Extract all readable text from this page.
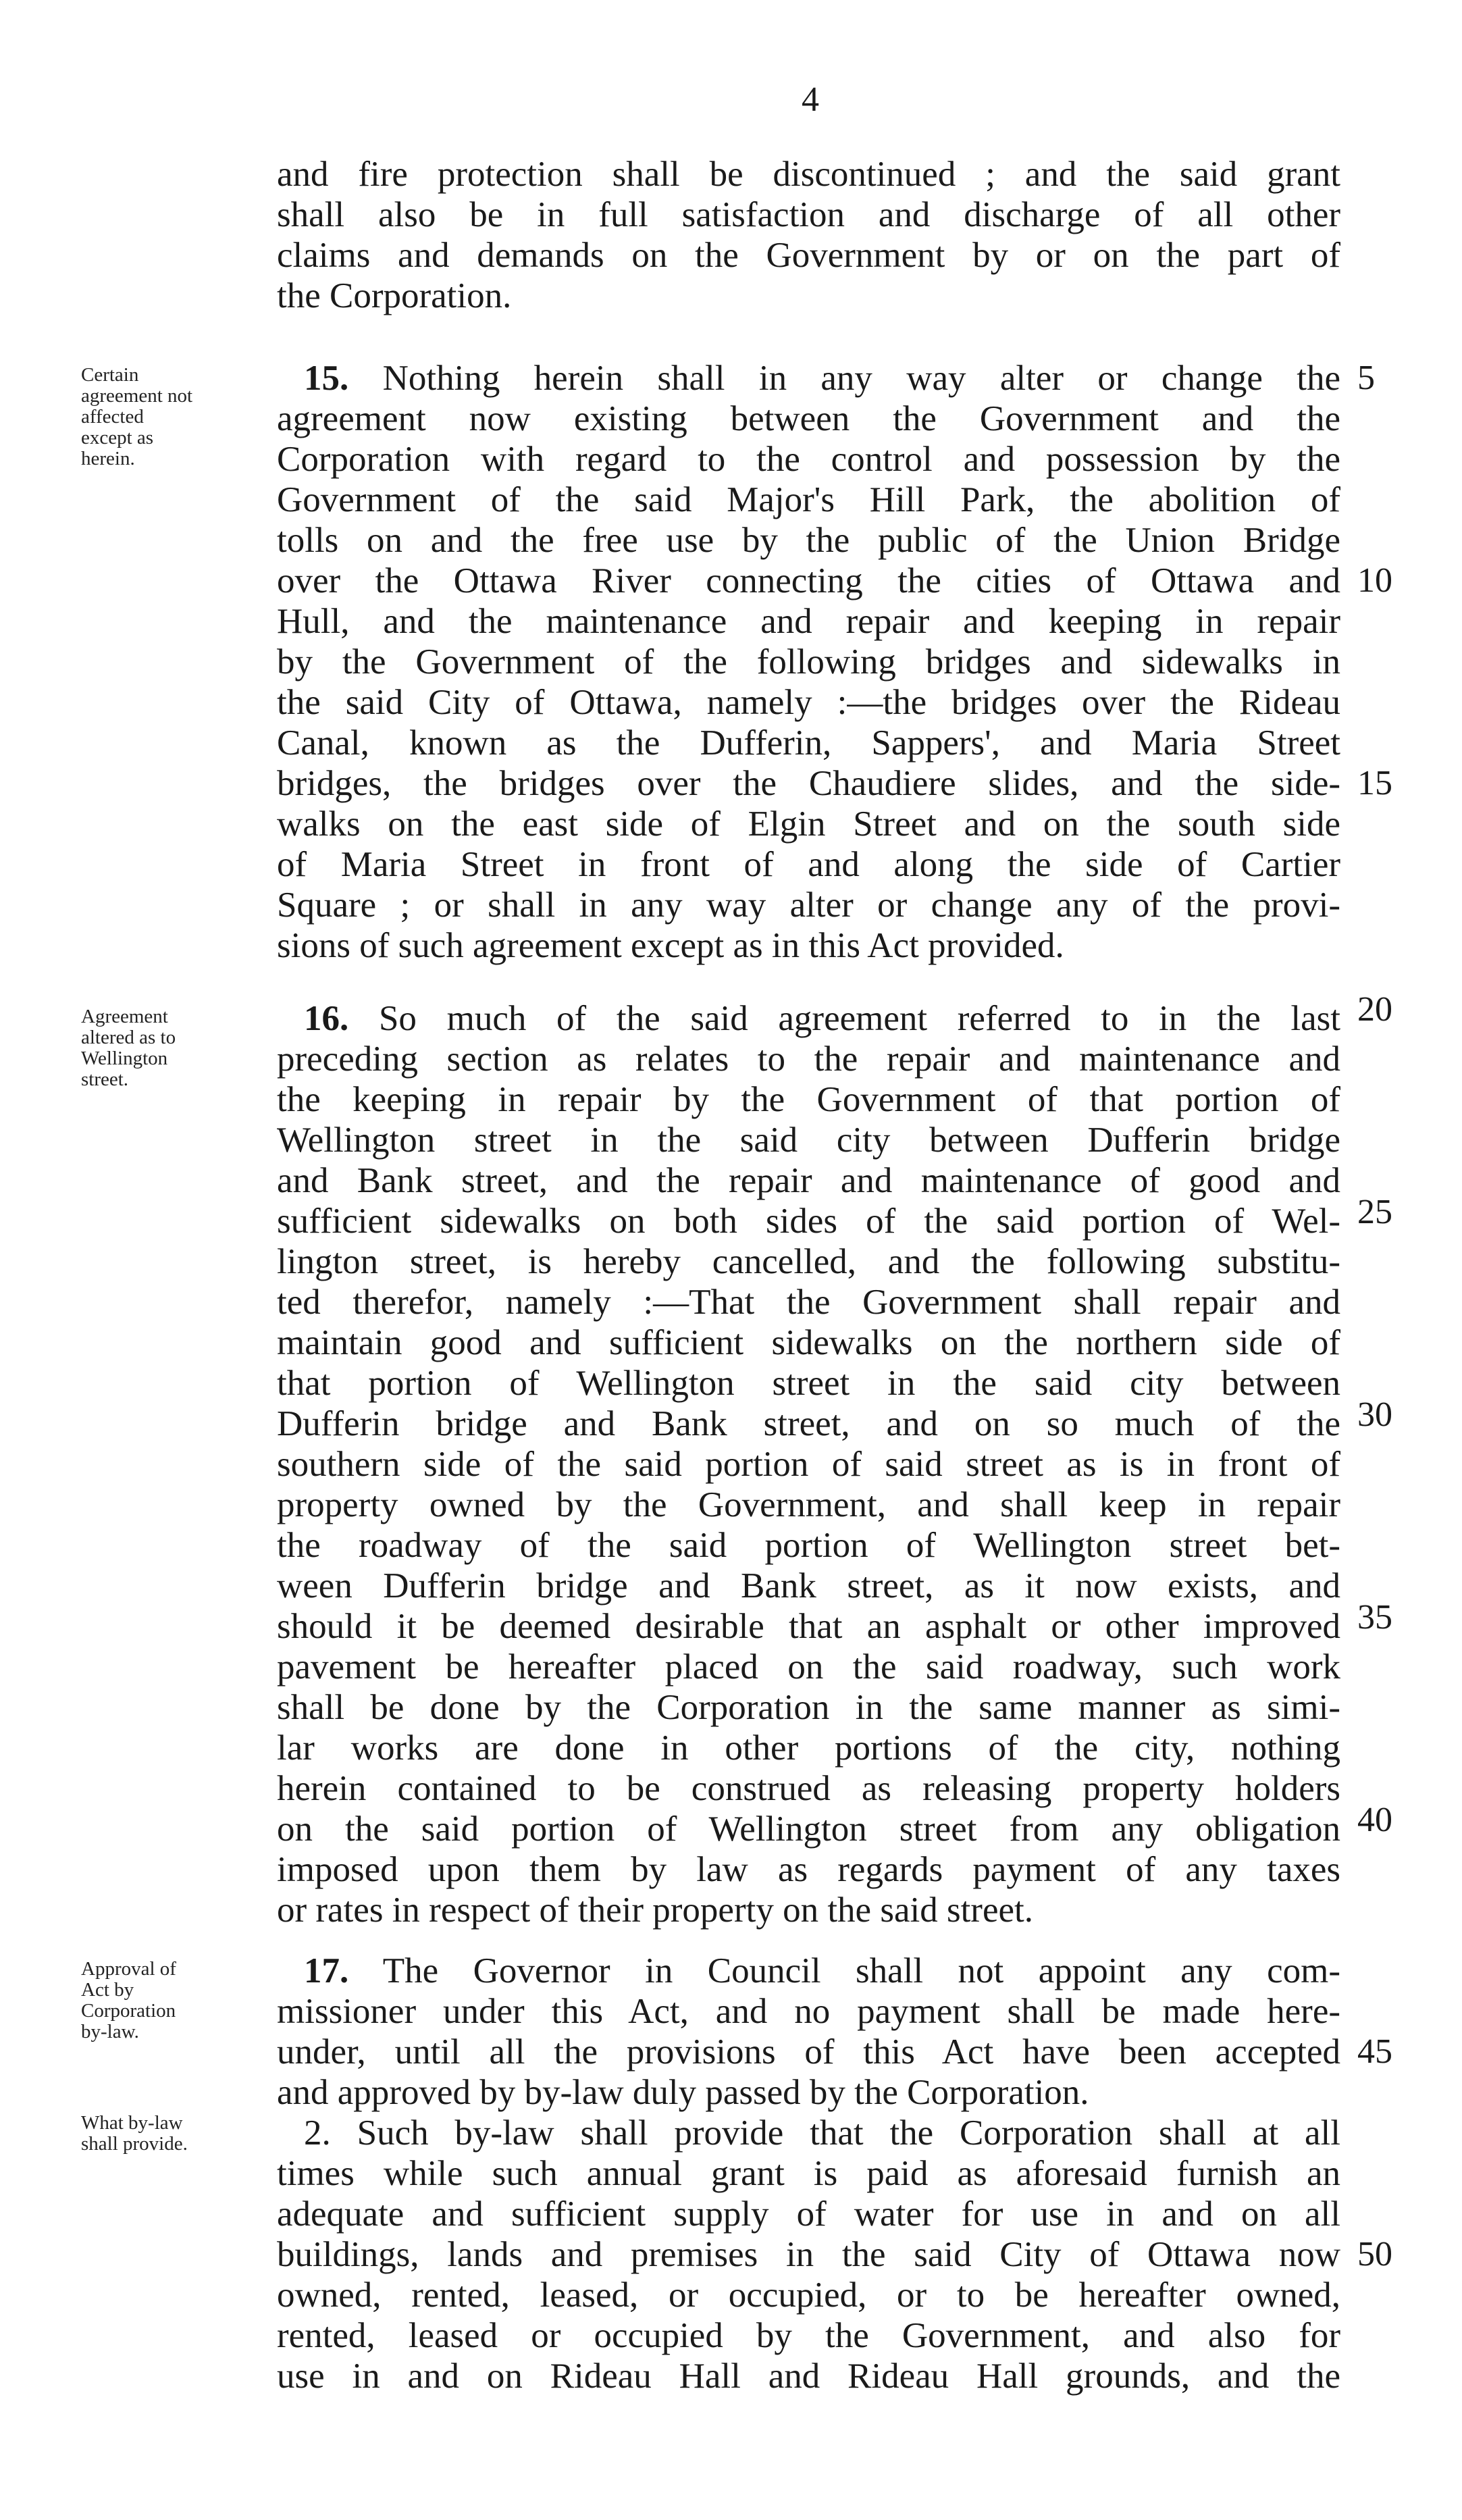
4
and fire protection shall be discontinued ; and the said grant
shall also be in full satisfaction and discharge of all other
claims and demands on the Government by or on the part of
the Corporation.
Certain
agreement not
affected
except as
herein.
15. Nothing herein shall in any way alter or change the
agreement now existing between the Government and the
Corporation with regard to the control and possession by the
Government of the said Major's Hill Park, the abolition of
tolls on and the free use by the public of the Union Bridge
over the Ottawa River connecting the cities of Ottawa and
Hull, and the maintenance and repair and keeping in repair
by the Government of the following bridges and sidewalks in
the said City of Ottawa, namely :—the bridges over the Rideau
Canal, known as the Dufferin, Sappers', and Maria Street
bridges, the bridges over the Chaudiere slides, and the side-
walks on the east side of Elgin Street and on the south side
of Maria Street in front of and along the side of Cartier
Square ; or shall in any way alter or change any of the provi-
sions of such agreement except as in this Act provided.
Agreement
altered as to
Wellington
street.
16. So much of the said agreement referred to in the last
preceding section as relates to the repair and maintenance and
the keeping in repair by the Government of that portion of
Wellington street in the said city between Dufferin bridge
and Bank street, and the repair and maintenance of good and
sufficient sidewalks on both sides of the said portion of Wel-
lington street, is hereby cancelled, and the following substitu-
ted therefor, namely :—That the Government shall repair and
maintain good and sufficient sidewalks on the northern side of
that portion of Wellington street in the said city between
Dufferin bridge and Bank street, and on so much of the
southern side of the said portion of said street as is in front of
property owned by the Government, and shall keep in repair
the roadway of the said portion of Wellington street bet-
ween Dufferin bridge and Bank street, as it now exists, and
should it be deemed desirable that an asphalt or other improved
pavement be hereafter placed on the said roadway, such work
shall be done by the Corporation in the same manner as simi-
lar works are done in other portions of the city, nothing
herein contained to be construed as releasing property holders
on the said portion of Wellington street from any obligation
imposed upon them by law as regards payment of any taxes
or rates in respect of their property on the said street.
Approval of
Act by
Corporation
by-law.
17. The Governor in Council shall not appoint any com-
missioner under this Act, and no payment shall be made here-
under, until all the provisions of this Act have been accepted
and approved by by-law duly passed by the Corporation.
What by-law
shall provide.	2. Such by-law shall provide that the Corporation shall at all
times while such annual grant is paid as aforesaid furnish an
adequate and sufficient supply of water for use in and on all
buildings, lands and premises in the said City of Ottawa now
owned, rented, leased, or occupied, or to be hereafter owned,
rented, leased or occupied by the Government, and also for
use in and on Rideau Hall and Rideau Hall grounds, and the
5
10
15
20
25
30
35
40
45
50
